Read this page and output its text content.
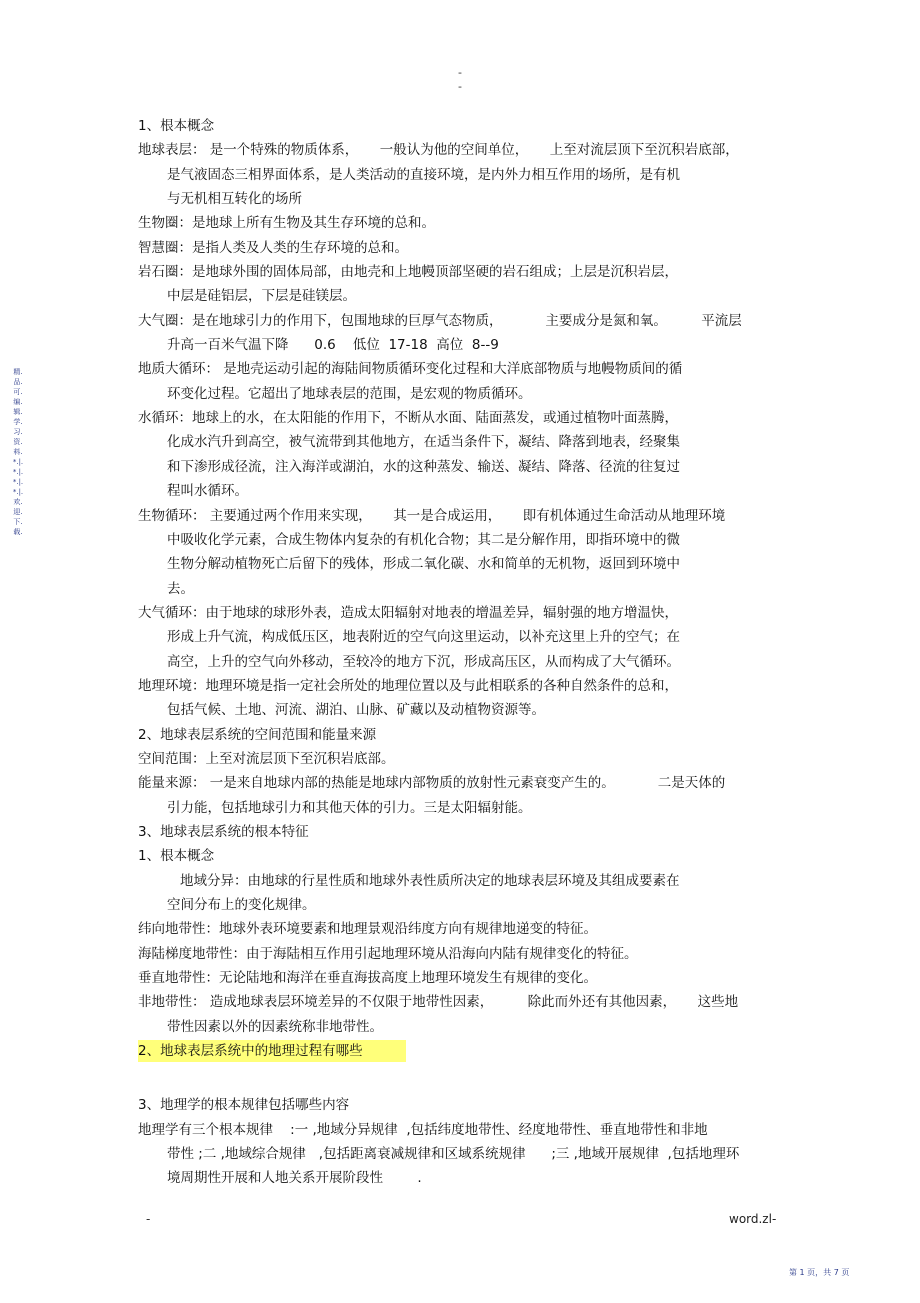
-
-
精.品.可.编.辑.学.习.资.料.*.|.*.|.*.|.*.|.欢.迎.下.载.
1、根本概念
地球表层： 是一个特殊的物质体系，     一般认为他的空间单位，     上至对流层顶下至沉积岩底部，
是气液固态三相界面体系，是人类活动的直接环境，是内外力相互作用的场所，是有机
与无机相互转化的场所
生物圈：是地球上所有生物及其生存环境的总和。
智慧圈：是指人类及人类的生存环境的总和。
岩石圈：是地球外围的固体局部，由地壳和上地幔顶部坚硬的岩石组成；上层是沉积岩层，
中层是硅铝层，下层是硅镁层。
大气圈：是在地球引力的作用下，包围地球的巨厚气态物质，          主要成分是氮和氧。        平流层
升高一百米气温下降      0.6    低位  17-18  高位  8--9
地质大循环： 是地壳运动引起的海陆间物质循环变化过程和大洋底部物质与地幔物质间的循
环变化过程。它超出了地球表层的范围，是宏观的物质循环。
水循环：地球上的水，在太阳能的作用下，不断从水面、陆面蒸发，或通过植物叶面蒸腾，
化成水汽升到高空，被气流带到其他地方，在适当条件下，凝结、降落到地表，经聚集
和下渗形成径流，注入海洋或湖泊，水的这种蒸发、输送、凝结、降落、径流的往复过
程叫水循环。
生物循环： 主要通过两个作用来实现，     其一是合成运用，     即有机体通过生命活动从地理环境
中吸收化学元素，合成生物体内复杂的有机化合物；其二是分解作用，即指环境中的微
生物分解动植物死亡后留下的残体，形成二氧化碳、水和简单的无机物，返回到环境中
去。
大气循环：由于地球的球形外表，造成太阳辐射对地表的增温差异，辐射强的地方增温快，
形成上升气流，构成低压区，地表附近的空气向这里运动，以补充这里上升的空气；在
高空，上升的空气向外移动，至较冷的地方下沉，形成高压区，从而构成了大气循环。
地理环境：地理环境是指一定社会所处的地理位置以及与此相联系的各种自然条件的总和，
包括气候、土地、河流、湖泊、山脉、矿藏以及动植物资源等。
2、地球表层系统的空间范围和能量来源
空间范围：上至对流层顶下至沉积岩底部。
能量来源： 一是来自地球内部的热能是地球内部物质的放射性元素衰变产生的。          二是天体的
引力能，包括地球引力和其他天体的引力。三是太阳辐射能。
3、地球表层系统的根本特征
1、根本概念
地域分异：由地球的行星性质和地球外表性质所决定的地球表层环境及其组成要素在
空间分布上的变化规律。
纬向地带性：地球外表环境要素和地理景观沿纬度方向有规律地递变的特征。
海陆梯度地带性：由于海陆相互作用引起地理环境从沿海向内陆有规律变化的特征。
垂直地带性：无论陆地和海洋在垂直海拔高度上地理环境发生有规律的变化。
非地带性： 造成地球表层环境差异的不仅限于地带性因素，        除此而外还有其他因素，     这些地
带性因素以外的因素统称非地带性。
2、地球表层系统中的地理过程有哪些
3、地理学的根本规律包括哪些内容
地理学有三个根本规律    :一 ,地域分异规律  ,包括纬度地带性、经度地带性、垂直地带性和非地
带性 ;二 ,地域综合规律   ,包括距离衰减规律和区域系统规律      ;三 ,地域开展规律  ,包括地理环
境周期性开展和人地关系开展阶段性        .
-	word.zl-
第 1 页，共 7 页
